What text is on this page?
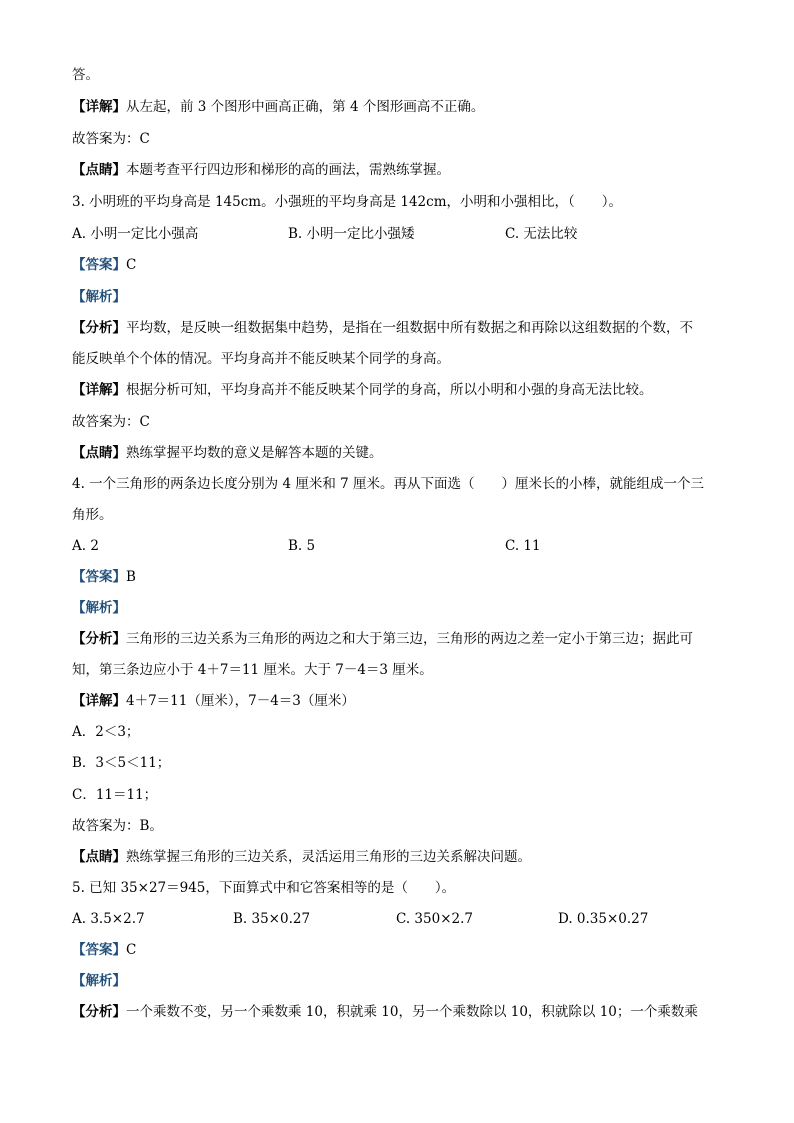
答。
【详解】从左起，前 3 个图形中画高正确，第 4 个图形画高不正确。
故答案为：C
【点睛】本题考查平行四边形和梯形的高的画法，需熟练掌握。
3. 小明班的平均身高是 145cm。小强班的平均身高是 142cm，小明和小强相比，（　　）。
A. 小明一定比小强高	B. 小明一定比小强矮	C. 无法比较
【答案】C
【解析】
【分析】平均数，是反映一组数据集中趋势，是指在一组数据中所有数据之和再除以这组数据的个数，不
能反映单个个体的情况。平均身高并不能反映某个同学的身高。
【详解】根据分析可知，平均身高并不能反映某个同学的身高，所以小明和小强的身高无法比较。
故答案为：C
【点睛】熟练掌握平均数的意义是解答本题的关键。
4. 一个三角形的两条边长度分别为 4 厘米和 7 厘米。再从下面选（　　）厘米长的小棒，就能组成一个三
角形。
A. 2	B. 5	C. 11
【答案】B
【解析】
【分析】三角形的三边关系为三角形的两边之和大于第三边，三角形的两边之差一定小于第三边；据此可
知，第三条边应小于 4＋7＝11 厘米。大于 7－4＝3 厘米。
【详解】4＋7＝11（厘米），7－4＝3（厘米）
A．2＜3；
B．3＜5＜11；
C．11＝11；
故答案为：B。
【点睛】熟练掌握三角形的三边关系，灵活运用三角形的三边关系解决问题。
5. 已知 35×27＝945，下面算式中和它答案相等的是（　　）。
A. 3.5×2.7	B. 35×0.27	C. 350×2.7	D. 0.35×0.27
【答案】C
【解析】
【分析】一个乘数不变，另一个乘数乘 10，积就乘 10，另一个乘数除以 10，积就除以 10；一个乘数乘
